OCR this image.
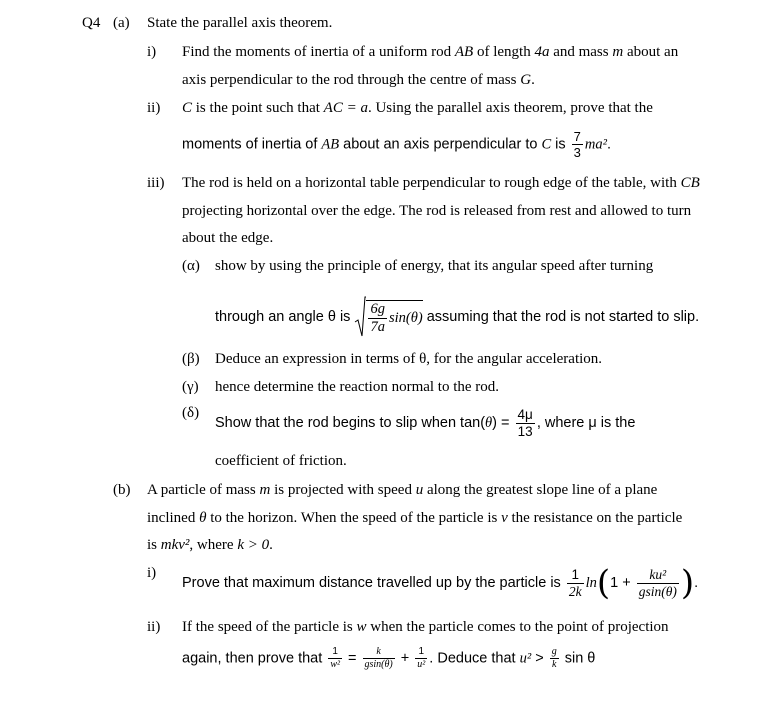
Q4 (a) State the parallel axis theorem.
i) Find the moments of inertia of a uniform rod AB of length 4a and mass m about an
axis perpendicular to the rod through the centre of mass G.
ii) C is the point such that AC = a. Using the parallel axis theorem, prove that the
moments of inertia of AB about an axis perpendicular to C is $\frac{7}{3} ma^2$.
iii) The rod is held on a horizontal table perpendicular to rough edge of the table, with CB
projecting horizontal over the edge. The rod is released from rest and allowed to turn
about the edge.
(α) show by using the principle of energy, that its angular speed after turning
through an angle θ is $\frac{6g}{7a} \sin(\theta)$ assuming that the rod is not started to slip.
(β) Deduce an expression in terms of θ, for the angular acceleration.
(γ) hence determine the reaction normal to the rod.
(δ)
Show that the rod begins to slip when $\tan(\theta) = \frac{4\mu}{13}$ , where μ is the
coefficient of friction.
(b) A particle of mass m is projected with speed u along the greatest slope line of a plane
inclined θ to the horizon. When the speed of the particle is v the resistance on the particle
is mkv², where k > 0.
i)
Prove that maximum distance travelled up by the particle is $\frac{1}{2k} \ln(1 + \frac{\text{ku²}}{gsin(\theta)}$ ).
ii) If the speed of the particle is w when the particle comes to the point of projection
again, then prove that $\frac{1}{\text{w²}} = \frac{k}{gsin(\theta)} + \frac{1}{\text{u²}}$ . Deduce that $u^2 > \frac{g}{k}$ sin θ
